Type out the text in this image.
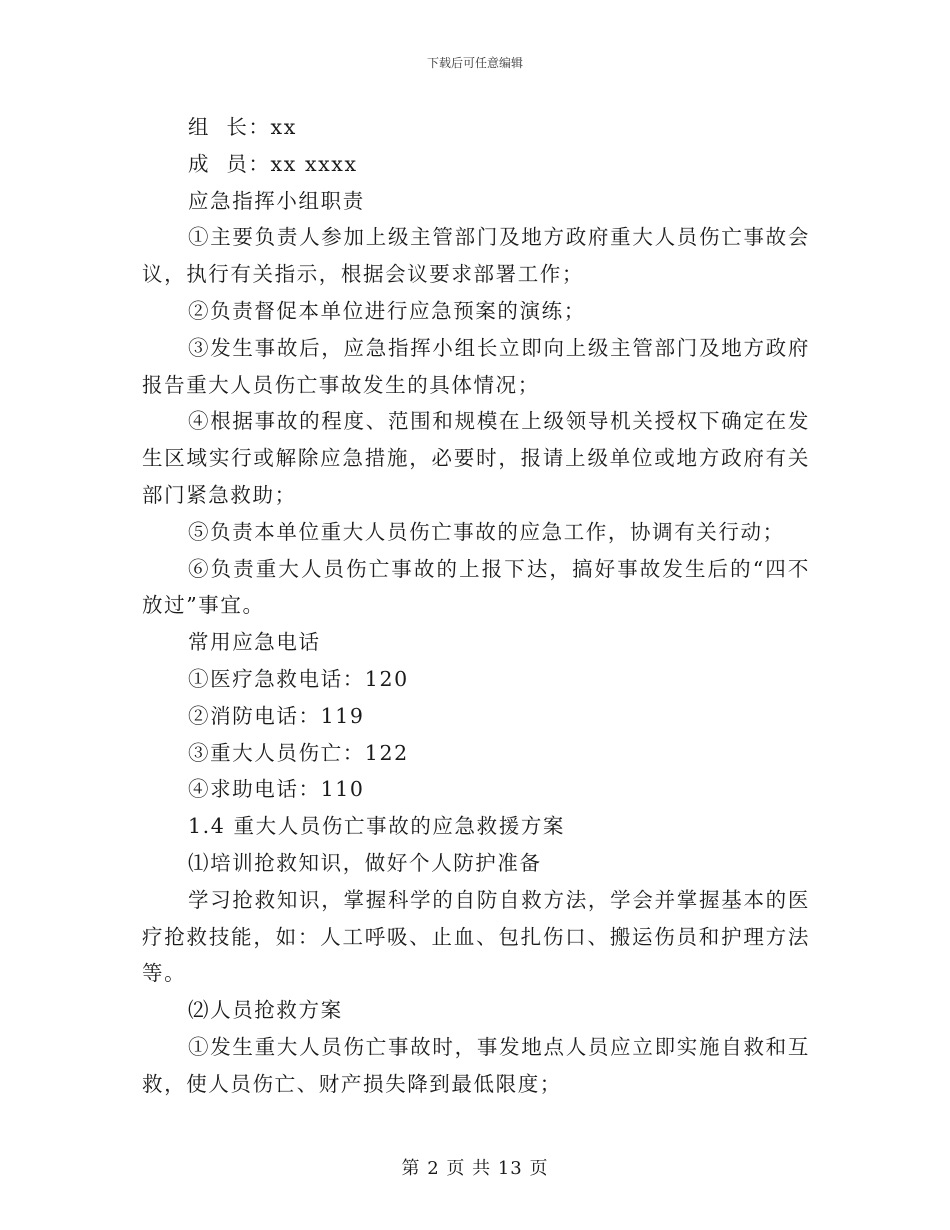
下载后可任意编辑

组  长：xx

成  员：xx xxxx

应急指挥小组职责

①主要负责人参加上级主管部门及地方政府重大人员伤亡事故会议，执行有关指示，根据会议要求部署工作；

②负责督促本单位进行应急预案的演练；

③发生事故后，应急指挥小组长立即向上级主管部门及地方政府报告重大人员伤亡事故发生的具体情况；

④根据事故的程度、范围和规模在上级领导机关授权下确定在发生区域实行或解除应急措施，必要时，报请上级单位或地方政府有关部门紧急救助；

⑤负责本单位重大人员伤亡事故的应急工作，协调有关行动；

⑥负责重大人员伤亡事故的上报下达，搞好事故发生后的“四不放过”事宜。

常用应急电话

①医疗急救电话：120

②消防电话：119

③重大人员伤亡：122

④求助电话：110

1.4 重大人员伤亡事故的应急救援方案

⑴培训抢救知识，做好个人防护准备

学习抢救知识，掌握科学的自防自救方法，学会并掌握基本的医疗抢救技能，如：人工呼吸、止血、包扎伤口、搬运伤员和护理方法等。

⑵人员抢救方案

①发生重大人员伤亡事故时，事发地点人员应立即实施自救和互救，使人员伤亡、财产损失降到最低限度；

第 2 页 共 13 页
